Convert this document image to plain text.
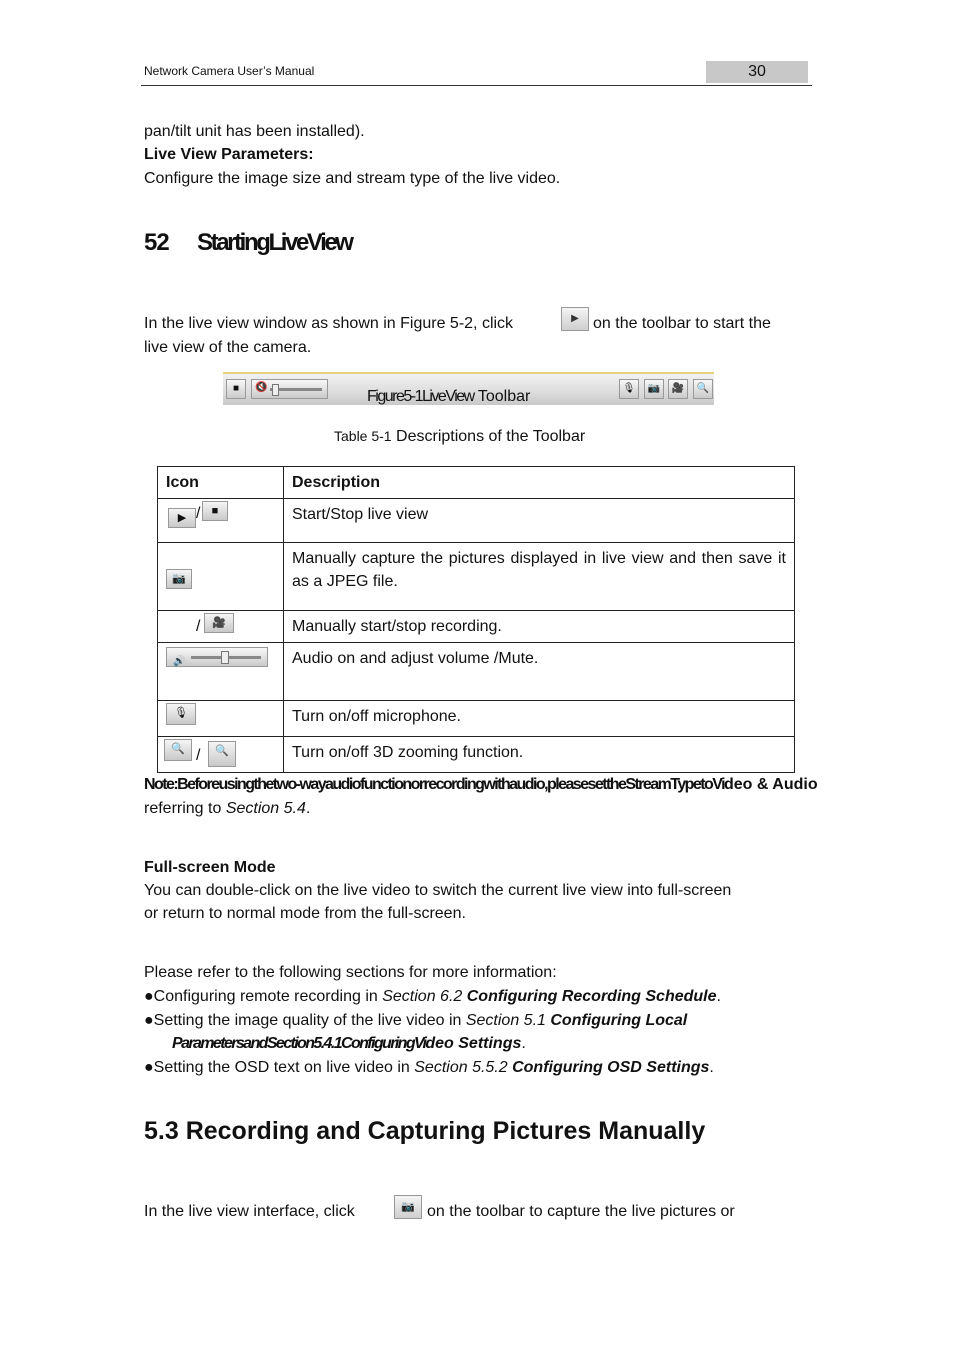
Network Camera User’s Manual	30
pan/tilt unit has been installed).
Live View Parameters:
Configure the image size and stream type of the live video.
52 StartingLiveView
In the live view window as shown in Figure 5-2, click	▶ on the toolbar to start the
live view of the camera.
■	🔇	🎙	📷	🎥	🔍
Figure5-1LiveView Toolbar
Table 5-1 Descriptions of the Toolbar
Icon	Description

▶ / ■	Start/Stop live view

📷	Manually capture the pictures displayed in live view and then save it as a JPEG file.

/ 🎥	Manually start/stop recording.

🔊	Audio on and adjust volume /Mute.

🎙	Turn on/off microphone.

🔍 / 🔍	Turn on/off 3D zooming function.
Note:Beforeusingthetwo-wayaudiofunctionorrecordingwithaudio,pleasesettheStreamTypetoVideo & Audio
referring to Section 5.4.
Full-screen Mode
You can double-click on the live video to switch the current live view into full-screen
or return to normal mode from the full-screen.
Please refer to the following sections for more information:
●Configuring remote recording in Section 6.2 Configuring Recording Schedule.
●Setting the image quality of the live video in Section 5.1 Configuring Local
ParametersandSection5.4.1ConfiguringVideo Settings.
●Setting the OSD text on live video in Section 5.5.2 Configuring OSD Settings.
5.3 Recording and Capturing Pictures Manually
In the live view interface, click	📷 on the toolbar to capture the live pictures or
